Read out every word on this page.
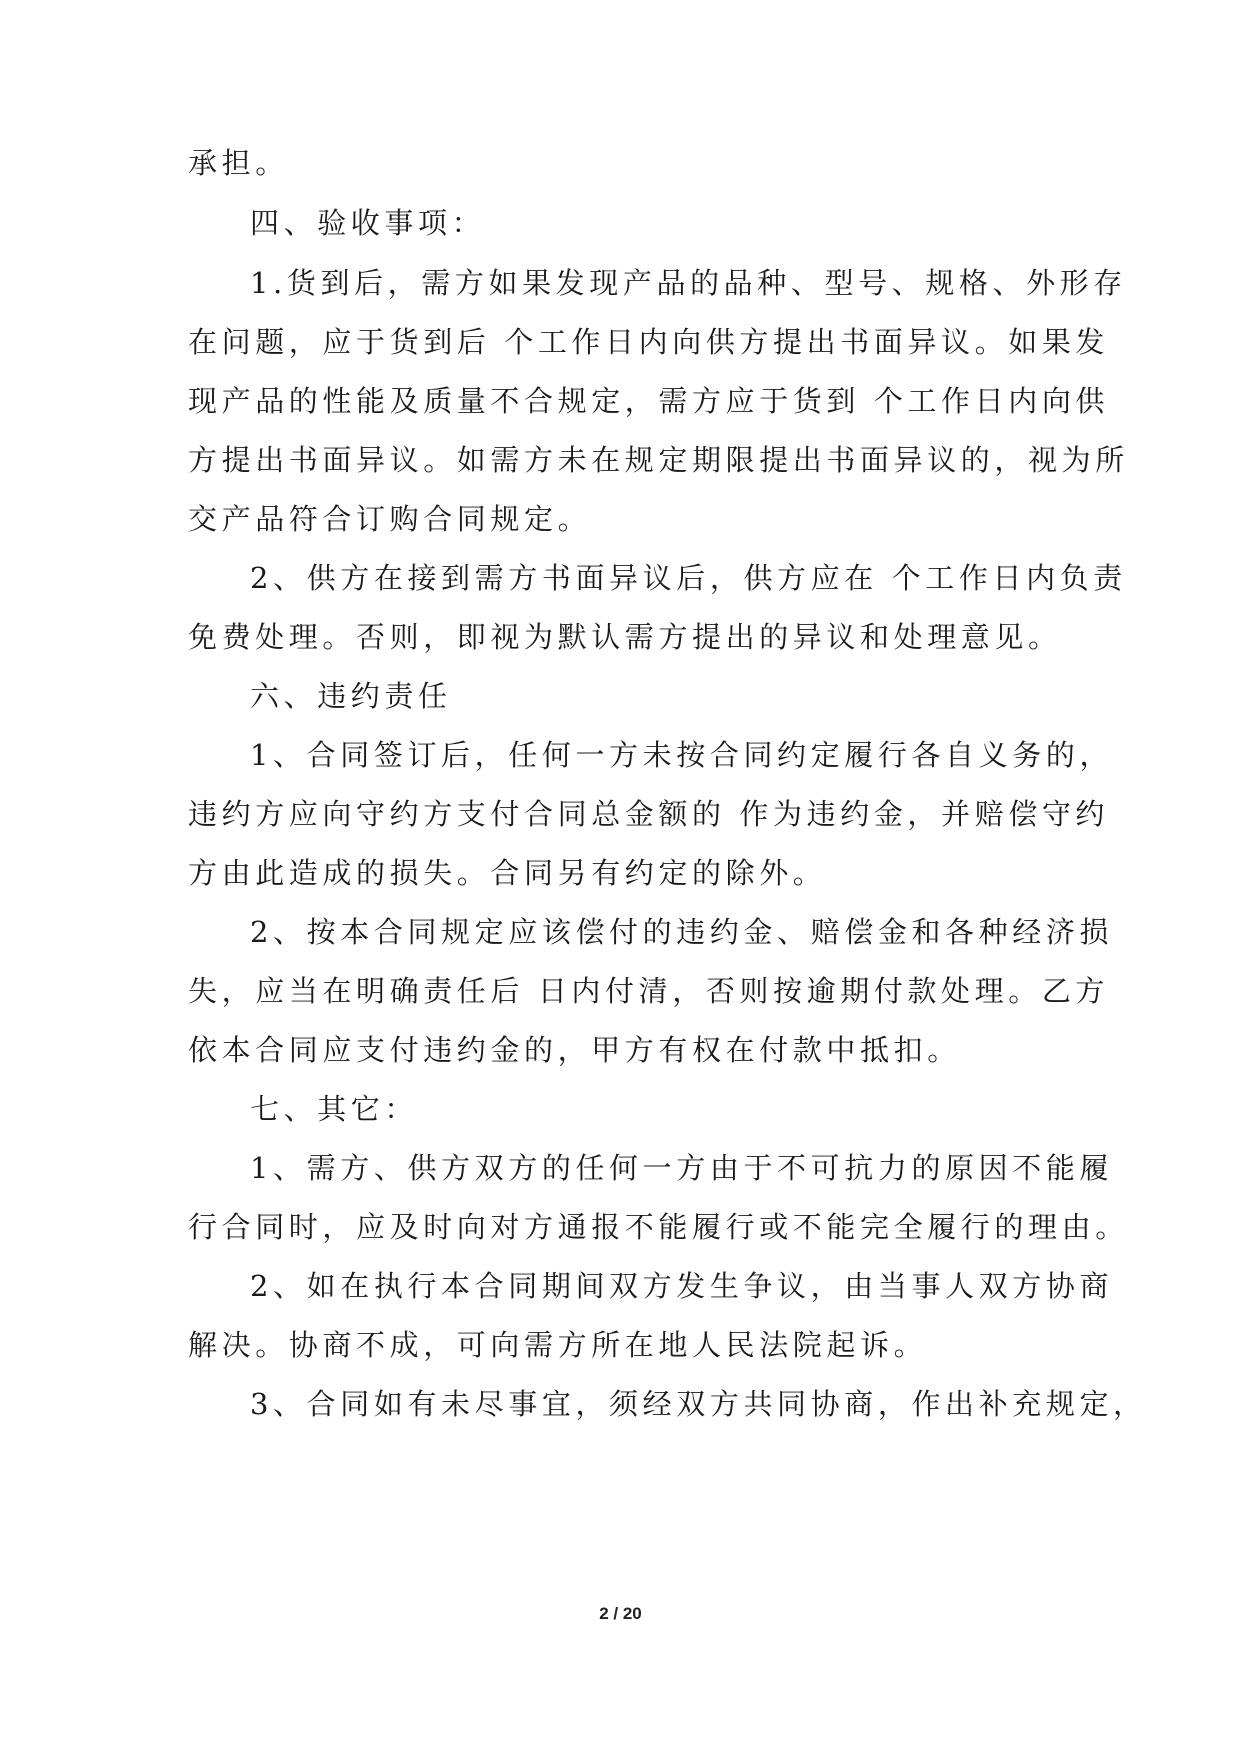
承担。
四、验收事项：
1.货到后，需方如果发现产品的品种、型号、规格、外形存
在问题，应于货到后 个工作日内向供方提出书面异议。如果发
现产品的性能及质量不合规定，需方应于货到 个工作日内向供
方提出书面异议。如需方未在规定期限提出书面异议的，视为所
交产品符合订购合同规定。
2、供方在接到需方书面异议后，供方应在 个工作日内负责
免费处理。否则，即视为默认需方提出的异议和处理意见。
六、违约责任
1、合同签订后，任何一方未按合同约定履行各自义务的，
违约方应向守约方支付合同总金额的 作为违约金，并赔偿守约
方由此造成的损失。合同另有约定的除外。
2、按本合同规定应该偿付的违约金、赔偿金和各种经济损
失，应当在明确责任后 日内付清，否则按逾期付款处理。乙方
依本合同应支付违约金的，甲方有权在付款中抵扣。
七、其它：
1、需方、供方双方的任何一方由于不可抗力的原因不能履
行合同时，应及时向对方通报不能履行或不能完全履行的理由。
2、如在执行本合同期间双方发生争议，由当事人双方协商
解决。协商不成，可向需方所在地人民法院起诉。
3、合同如有未尽事宜，须经双方共同协商，作出补充规定，
2 / 20
